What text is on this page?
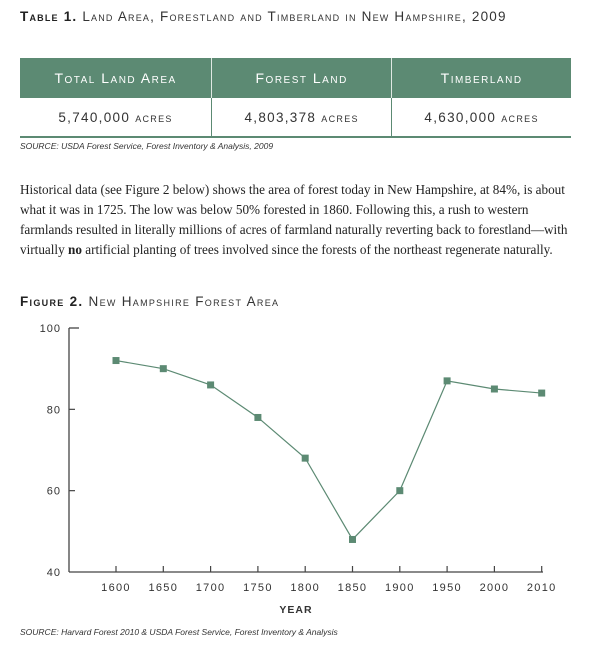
Table 1. Land Area, Forestland and Timberland in New Hampshire, 2009
Total Land Area	Forest Land	Timberland
5,740,000 acres	4,803,378 acres	4,630,000 acres
SOURCE: USDA Forest Service, Forest Inventory & Analysis, 2009
Historical data (see Figure 2 below) shows the area of forest today in New Hampshire, at 84%, is about what it was in 1725. The low was below 50% forested in 1860. Following this, a rush to western farmlands resulted in literally millions of acres of farmland naturally reverting back to forestland—with virtually no artificial planting of trees involved since the forests of the northeast regenerate naturally.
Figure 2. New Hampshire Forest Area
40
60
80
100
1600 1650 1700 1750 1800 1850 1900 1950 2000 2010
YEAR
SOURCE: Harvard Forest 2010 & USDA Forest Service, Forest Inventory & Analysis
